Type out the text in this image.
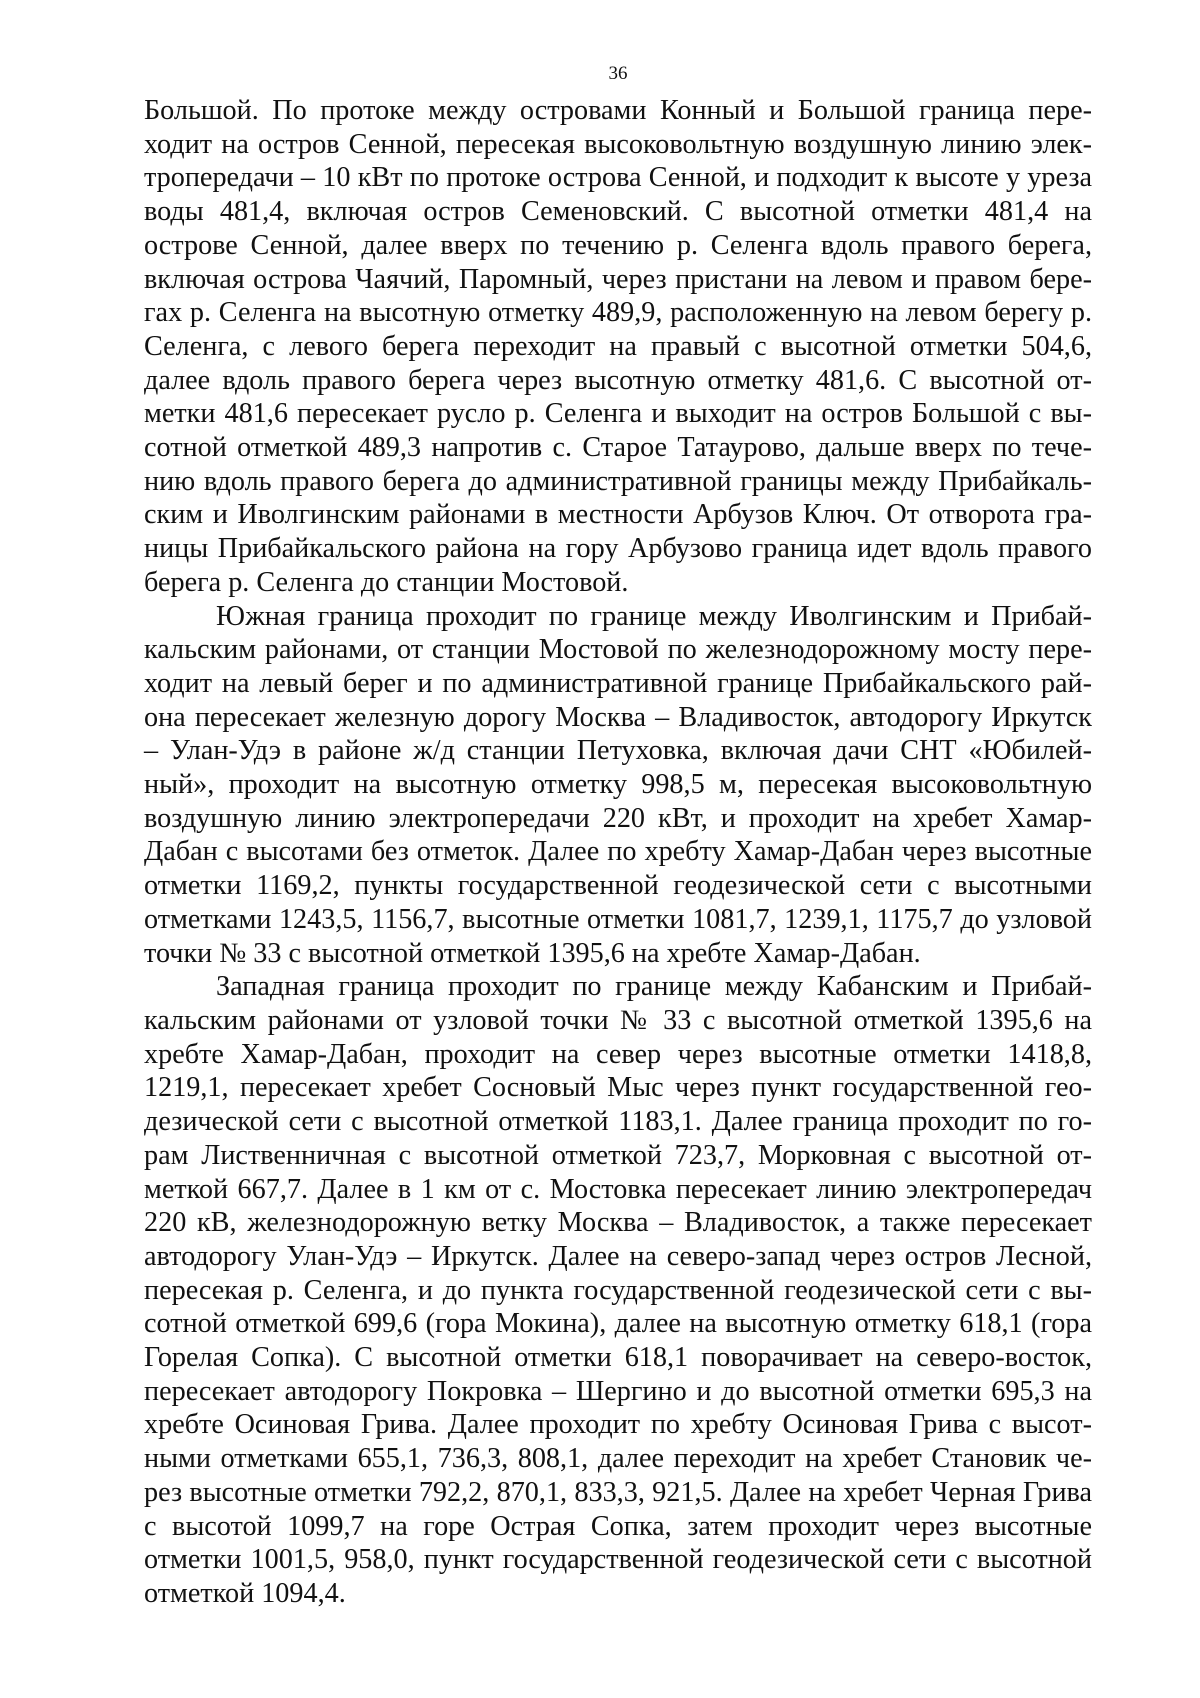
36

Большой. По протоке между островами Конный и Большой граница переходит на остров Сенной, пересекая высоковольтную воздушную линию электропередачи – 10 кВт по протоке острова Сенной, и подходит к высоте у уреза воды 481,4, включая остров Семеновский. С высотной отметки 481,4 на острове Сенной, далее вверх по течению р. Селенга вдоль правого берега, включая острова Чаячий, Паромный, через пристани на левом и правом берегах р. Селенга на высотную отметку 489,9, расположенную на левом берегу р. Селенга, с левого берега переходит на правый с высотной отметки 504,6, далее вдоль правого берега через высотную отметку 481,6. С высотной отметки 481,6 пересекает русло р. Селенга и выходит на остров Большой с высотной отметкой 489,3 напротив с. Старое Татаурово, дальше вверх по течению вдоль правого берега до административной границы между Прибайкальским и Иволгинским районами в местности Арбузов Ключ. От отворота границы Прибайкальского района на гору Арбузово граница идет вдоль правого берега р. Селенга до станции Мостовой.

Южная граница проходит по границе между Иволгинским и Прибайкальским районами, от станции Мостовой по железнодорожному мосту переходит на левый берег и по административной границе Прибайкальского района пересекает железную дорогу Москва – Владивосток, автодорогу Иркутск – Улан-Удэ в районе ж/д станции Петуховка, включая дачи СНТ «Юбилейный», проходит на высотную отметку 998,5 м, пересекая высоковольтную воздушную линию электропередачи 220 кВт, и проходит на хребет Хамар-Дабан с высотами без отметок. Далее по хребту Хамар-Дабан через высотные отметки 1169,2, пункты государственной геодезической сети с высотными отметками 1243,5, 1156,7, высотные отметки 1081,7, 1239,1, 1175,7 до узловой точки № 33 с высотной отметкой 1395,6 на хребте Хамар-Дабан.

Западная граница проходит по границе между Кабанским и Прибайкальским районами от узловой точки № 33 с высотной отметкой 1395,6 на хребте Хамар-Дабан, проходит на север через высотные отметки 1418,8, 1219,1, пересекает хребет Сосновый Мыс через пункт государственной геодезической сети с высотной отметкой 1183,1. Далее граница проходит по горам Лиственничная с высотной отметкой 723,7, Морковная с высотной отметкой 667,7. Далее в 1 км от с. Мостовка пересекает линию электропередач 220 кВ, железнодорожную ветку Москва – Владивосток, а также пересекает автодорогу Улан-Удэ – Иркутск. Далее на северо-запад через остров Лесной, пересекая р. Селенга, и до пункта государственной геодезической сети с высотной отметкой 699,6 (гора Мокина), далее на высотную отметку 618,1 (гора Горелая Сопка). С высотной отметки 618,1 поворачивает на северо-восток, пересекает автодорогу Покровка – Шергино и до высотной отметки 695,3 на хребте Осиновая Грива. Далее проходит по хребту Осиновая Грива с высотными отметками 655,1, 736,3, 808,1, далее переходит на хребет Становик через высотные отметки 792,2, 870,1, 833,3, 921,5. Далее на хребет Черная Грива с высотой 1099,7 на горе Острая Сопка, затем проходит через высотные отметки 1001,5, 958,0, пункт государственной геодезической сети с высотной отметкой 1094,4.
